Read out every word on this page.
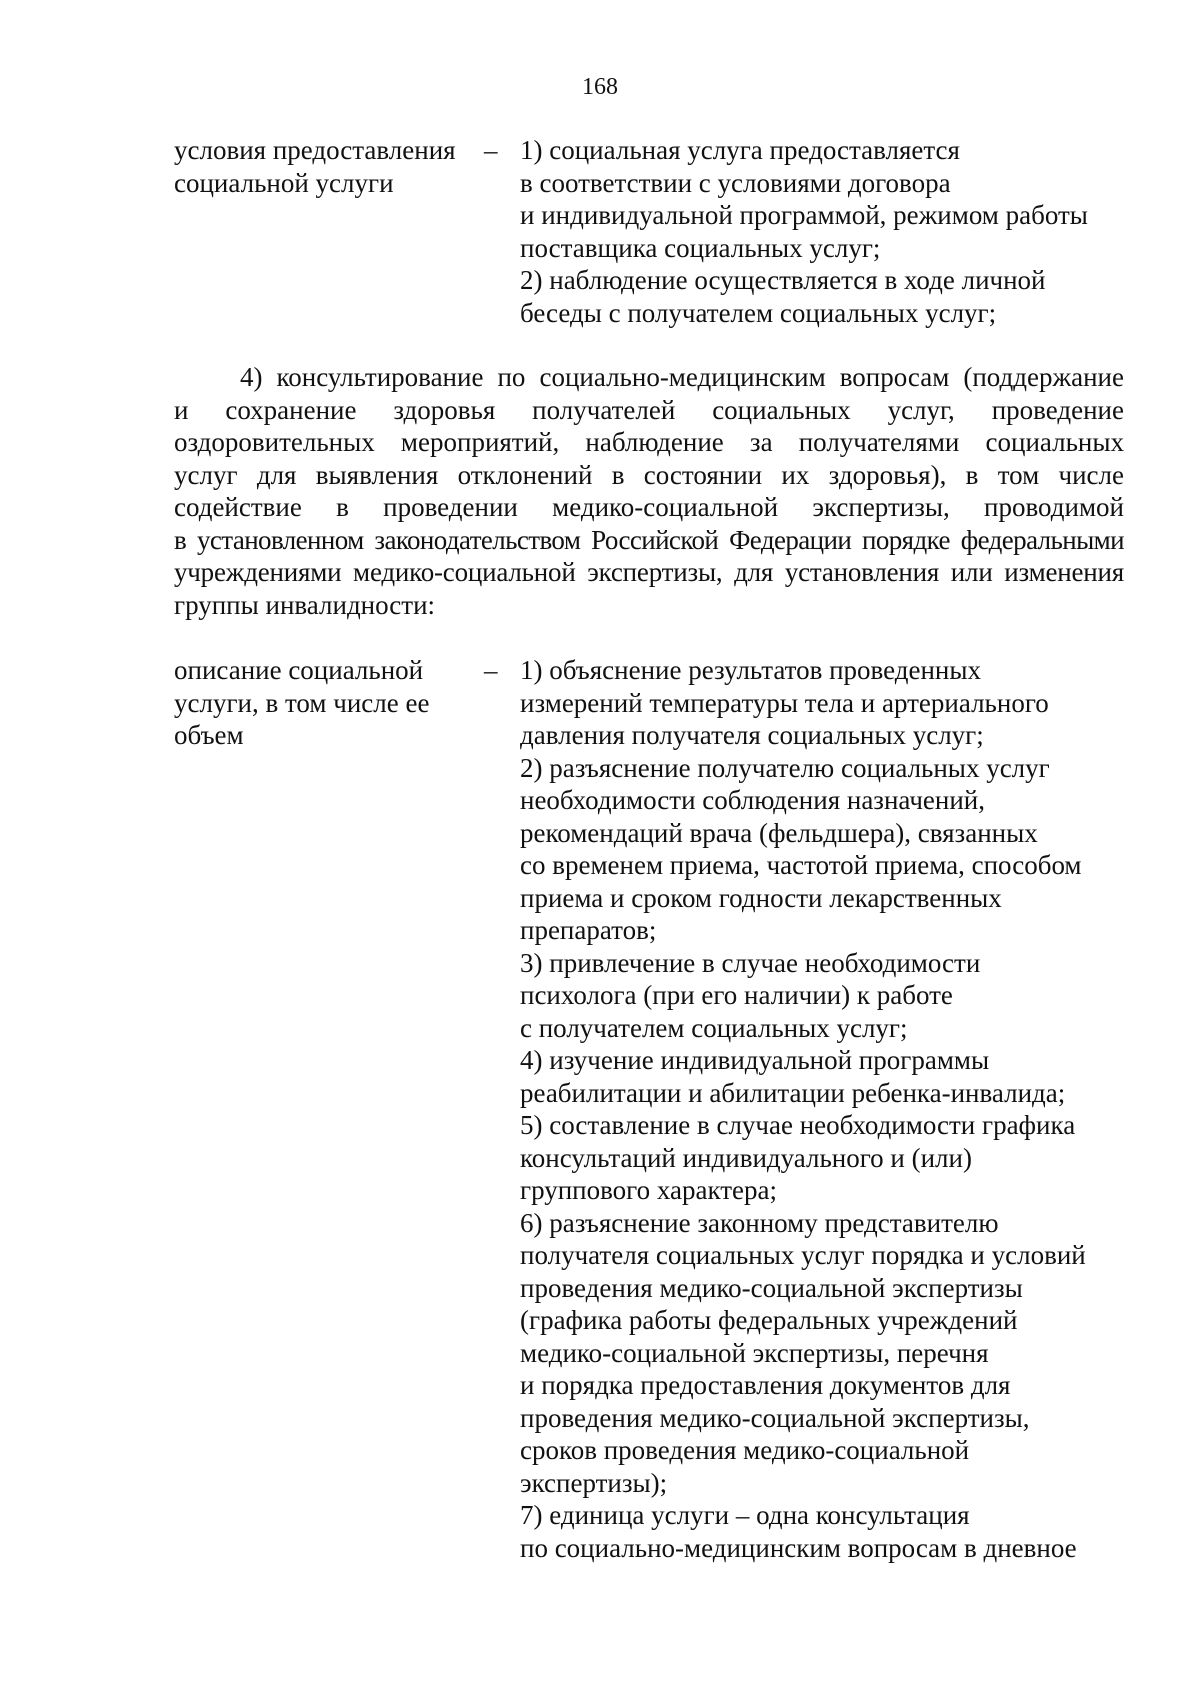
168
условия предоставления
социальной услуги
– 1) социальная услуга предоставляется
в соответствии с условиями договора
и индивидуальной программой, режимом работы
поставщика социальных услуг;
2) наблюдение осуществляется в ходе личной
беседы с получателем социальных услуг;
4) консультирование по социально-медицинским вопросам (поддержание
и сохранение здоровья получателей социальных услуг, проведение
оздоровительных мероприятий, наблюдение за получателями социальных
услуг для выявления отклонений в состоянии их здоровья), в том числе
содействие в проведении медико-социальной экспертизы, проводимой
в установленном законодательством Российской Федерации порядке федеральными
учреждениями медико-социальной экспертизы, для установления или изменения
группы инвалидности:
описание социальной
услуги, в том числе ее
объем
– 1) объяснение результатов проведенных
измерений температуры тела и артериального
давления получателя социальных услуг;
2) разъяснение получателю социальных услуг
необходимости соблюдения назначений,
рекомендаций врача (фельдшера), связанных
со временем приема, частотой приема, способом
приема и сроком годности лекарственных
препаратов;
3) привлечение в случае необходимости
психолога (при его наличии) к работе
с получателем социальных услуг;
4) изучение индивидуальной программы
реабилитации и абилитации ребенка-инвалида;
5) составление в случае необходимости графика
консультаций индивидуального и (или)
группового характера;
6) разъяснение законному представителю
получателя социальных услуг порядка и условий
проведения медико-социальной экспертизы
(графика работы федеральных учреждений
медико-социальной экспертизы, перечня
и порядка предоставления документов для
проведения медико-социальной экспертизы,
сроков проведения медико-социальной
экспертизы);
7) единица услуги – одна консультация
по социально-медицинским вопросам в дневное
